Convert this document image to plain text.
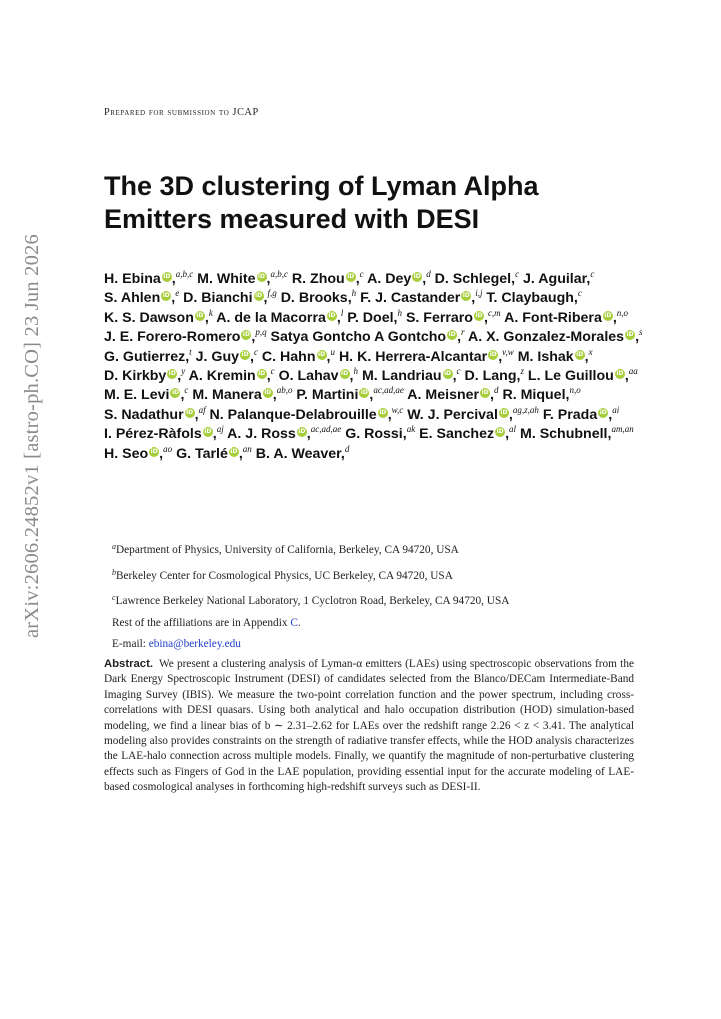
arXiv:2606.24852v1 [astro-ph.CO] 23 Jun 2026
Prepared for submission to JCAP
The 3D clustering of Lyman Alpha
Emitters measured with DESI
H. Ebina iD ,$^{a,b,c}$ M. White iD ,$^{a,b,c}$ R. Zhou iD ,$^c$ A. Dey iD ,$^d$ D. Schlegel,$^c$ J. Aguilar,$^c$ S. Ahlen iD ,$^e$ D. Bianchi iD ,$^{f,g}$ D. Brooks,$^h$ F. J. Castander iD ,$^{i,j}$ T. Claybaugh,$^c$ K. S. Dawson iD ,$^k$ A. de la Macorra iD ,$^l$ P. Doel,$^h$ S. Ferraro iD ,$^{c,m}$ A. Font-Ribera iD ,$^{n,o}$ J. E. Forero-Romero iD ,$^{p,q}$ Satya Gontcho A Gontcho iD ,$^r$ A. X. Gonzalez-Morales iD ,$^s$ G. Gutierrez,$^t$ J. Guy iD ,$^c$ C. Hahn iD ,$^u$ H. K. Herrera-Alcantar iD ,$^{v,w}$ M. Ishak iD ,$^x$ D. Kirkby iD ,$^y$ A. Kremin iD ,$^c$ O. Lahav iD ,$^h$ M. Landriau iD ,$^c$ D. Lang,$^z$ L. Le Guillou iD ,$^{aa}$ M. E. Levi iD ,$^c$ M. Manera iD ,$^{ab,o}$ P. Martini iD ,$^{ac,ad,ae}$ A. Meisner iD ,$^d$ R. Miquel,$^{n,o}$ S. Nadathur iD ,$^{af}$ N. Palanque-Delabrouille iD ,$^{w,c}$ W. J. Percival iD ,$^{ag,z,ah}$ F. Prada iD ,$^{ai}$ I. Pérez-Ràfols iD ,$^{aj}$ A. J. Ross iD ,$^{ac,ad,ae}$ G. Rossi,$^{ak}$ E. Sanchez iD ,$^{al}$ M. Schubnell,$^{am,an}$ H. Seo iD ,$^{ao}$ G. Tarlé iD ,$^{an}$ B. A. Weaver,$^d$
$^a$Department of Physics, University of California, Berkeley, CA 94720, USA
$^b$Berkeley Center for Cosmological Physics, UC Berkeley, CA 94720, USA
$^c$Lawrence Berkeley National Laboratory, 1 Cyclotron Road, Berkeley, CA 94720, USA
Rest of the affiliations are in Appendix C.
E-mail: ebina@berkeley.edu
Abstract. We present a clustering analysis of Lyman-α emitters (LAEs) using spectroscopic observations from the Dark Energy Spectroscopic Instrument (DESI) of candidates selected from the Blanco/DECam Intermediate-Band Imaging Survey (IBIS). We measure the two-point correlation function and the power spectrum, including cross-correlations with DESI quasars. Using both analytical and halo occupation distribution (HOD) simulation-based modeling, we find a linear bias of b ∼ 2.31–2.62 for LAEs over the redshift range 2.26 < z < 3.41. The analytical modeling also provides constraints on the strength of radiative transfer effects, while the HOD analysis characterizes the LAE-halo connection across multiple models. Finally, we quantify the magnitude of non-perturbative clustering effects such as Fingers of God in the LAE population, providing essential input for the accurate modeling of LAE-based cosmological analyses in forthcoming high-redshift surveys such as DESI-II.
